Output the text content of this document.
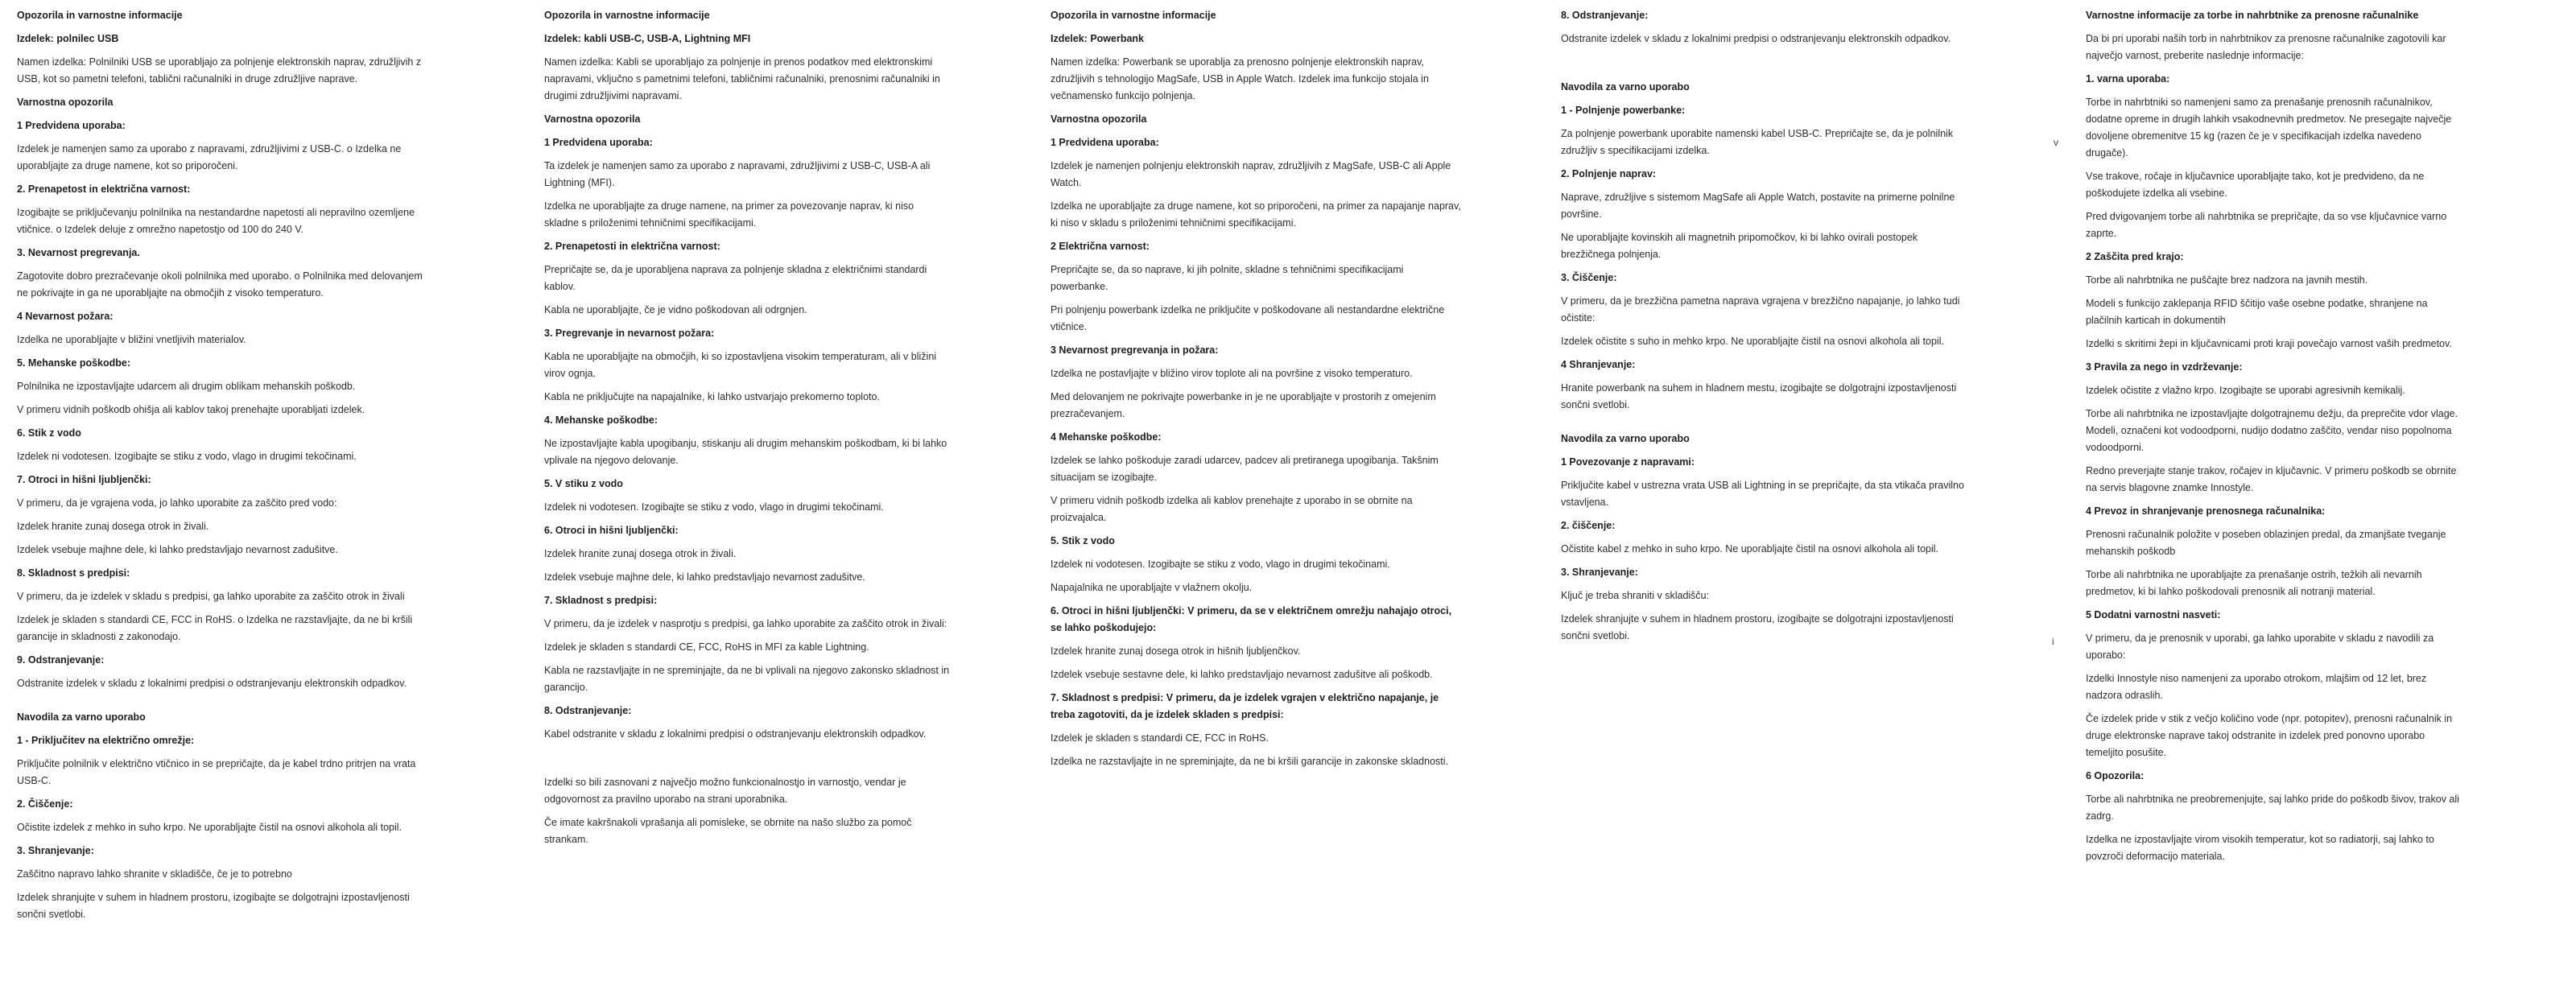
Opozorila in varnostne informacije
Izdelek: polnilec USB
Namen izdelka: Polnilniki USB se uporabljajo za polnjenje elektronskih naprav, združljivih z USB, kot so pametni telefoni, tablični računalniki in druge združljive naprave.
Varnostna opozorila
1 Predvidena uporaba:
Izdelek je namenjen samo za uporabo z napravami, združljivimi z USB-C. o Izdelka ne uporabljajte za druge namene, kot so priporočeni.
2. Prenapetost in električna varnost:
Izogibajte se priključevanju polnilnika na nestandardne napetosti ali nepravilno ozemljene vtičnice. o Izdelek deluje z omrežno napetostjo od 100 do 240 V.
3. Nevarnost pregrevanja.
Zagotovite dobro prezračevanje okoli polnilnika med uporabo. o Polnilnika med delovanjem ne pokrivajte in ga ne uporabljajte na območjih z visoko temperaturo.
4 Nevarnost požara:
Izdelka ne uporabljajte v bližini vnetljivih materialov.
5. Mehanske poškodbe:
Polnilnika ne izpostavljajte udarcem ali drugim oblikam mehanskih poškodb.
V primeru vidnih poškodb ohišja ali kablov takoj prenehajte uporabljati izdelek.
6. Stik z vodo
Izdelek ni vodotesen. Izogibajte se stiku z vodo, vlago in drugimi tekočinami.
7. Otroci in hišni ljubljenčki:
V primeru, da je vgrajena voda, jo lahko uporabite za zaščito pred vodo:
Izdelek hranite zunaj dosega otrok in živali.
Izdelek vsebuje majhne dele, ki lahko predstavljajo nevarnost zadušitve.
8. Skladnost s predpisi:
V primeru, da je izdelek v skladu s predpisi, ga lahko uporabite za zaščito otrok in živali
Izdelek je skladen s standardi CE, FCC in RoHS. o Izdelka ne razstavljajte, da ne bi kršili garancije in skladnosti z zakonodajo.
9. Odstranjevanje:
Odstranite izdelek v skladu z lokalnimi predpisi o odstranjevanju elektronskih odpadkov.
Navodila za varno uporabo
1 - Priključitev na električno omrežje:
Priključite polnilnik v električno vtičnico in se prepričajte, da je kabel trdno pritrjen na vrata USB-C.
2. Čiščenje:
Očistite izdelek z mehko in suho krpo. Ne uporabljajte čistil na osnovi alkohola ali topil.
3. Shranjevanje:
Zaščitno napravo lahko shranite v skladišče, če je to potrebno
Izdelek shranjujte v suhem in hladnem prostoru, izogibajte se dolgotrajni izpostavljenosti sončni svetlobi.
Opozorila in varnostne informacije
Izdelek: kabli USB-C, USB-A, Lightning MFI
Namen izdelka: Kabli se uporabljajo za polnjenje in prenos podatkov med elektronskimi napravami, vključno s pametnimi telefoni, tabličnimi računalniki, prenosnimi računalniki in drugimi združljivimi napravami.
Varnostna opozorila
1 Predvidena uporaba:
Ta izdelek je namenjen samo za uporabo z napravami, združljivimi z USB-C, USB-A ali Lightning (MFI).
Izdelka ne uporabljajte za druge namene, na primer za povezovanje naprav, ki niso skladne s priloženimi tehničnimi specifikacijami.
2. Prenapetosti in električna varnost:
Prepričajte se, da je uporabljena naprava za polnjenje skladna z električnimi standardi kablov.
Kabla ne uporabljajte, če je vidno poškodovan ali odrgnjen.
3. Pregrevanje in nevarnost požara:
Kabla ne uporabljajte na območjih, ki so izpostavljena visokim temperaturam, ali v bližini virov ognja.
Kabla ne priključujte na napajalnike, ki lahko ustvarjajo prekomerno toploto.
4. Mehanske poškodbe:
Ne izpostavljajte kabla upogibanju, stiskanju ali drugim mehanskim poškodbam, ki bi lahko vplivale na njegovo delovanje.
5. V stiku z vodo
Izdelek ni vodotesen. Izogibajte se stiku z vodo, vlago in drugimi tekočinami.
6. Otroci in hišni ljubljenčki:
Izdelek hranite zunaj dosega otrok in živali.
Izdelek vsebuje majhne dele, ki lahko predstavljajo nevarnost zadušitve.
7. Skladnost s predpisi:
V primeru, da je izdelek v nasprotju s predpisi, ga lahko uporabite za zaščito otrok in živali:
Izdelek je skladen s standardi CE, FCC, RoHS in MFI za kable Lightning.
Kabla ne razstavljajte in ne spreminjajte, da ne bi vplivali na njegovo zakonsko skladnost in garancijo.
8. Odstranjevanje:
Kabel odstranite v skladu z lokalnimi predpisi o odstranjevanju elektronskih odpadkov.
Izdelki so bili zasnovani z največjo možno funkcionalnostjo in varnostjo, vendar je odgovornost za pravilno uporabo na strani uporabnika.
Če imate kakršnakoli vprašanja ali pomisleke, se obrnite na našo službo za pomoč strankam.
Opozorila in varnostne informacije
Izdelek: Powerbank
Namen izdelka: Powerbank se uporablja za prenosno polnjenje elektronskih naprav, združljivih s tehnologijo MagSafe, USB in Apple Watch. Izdelek ima funkcijo stojala in večnamensko funkcijo polnjenja.
Varnostna opozorila
1 Predvidena uporaba:
Izdelek je namenjen polnjenju elektronskih naprav, združljivih z MagSafe, USB-C ali Apple Watch.
Izdelka ne uporabljajte za druge namene, kot so priporočeni, na primer za napajanje naprav, ki niso v skladu s priloženimi tehničnimi specifikacijami.
2 Električna varnost:
Prepričajte se, da so naprave, ki jih polnite, skladne s tehničnimi specifikacijami powerbanke.
Pri polnjenju powerbank izdelka ne priključite v poškodovane ali nestandardne električne vtičnice.
3 Nevarnost pregrevanja in požara:
Izdelka ne postavljajte v bližino virov toplote ali na površine z visoko temperaturo.
Med delovanjem ne pokrivajte powerbanke in je ne uporabljajte v prostorih z omejenim prezračevanjem.
4 Mehanske poškodbe:
Izdelek se lahko poškoduje zaradi udarcev, padcev ali pretiranega upogibanja. Takšnim situacijam se izogibajte.
V primeru vidnih poškodb izdelka ali kablov prenehajte z uporabo in se obrnite na proizvajalca.
5. Stik z vodo
Izdelek ni vodotesen. Izogibajte se stiku z vodo, vlago in drugimi tekočinami.
Napajalnika ne uporabljajte v vlažnem okolju.
6. Otroci in hišni ljubljenčki: V primeru, da se v električnem omrežju nahajajo otroci, se lahko poškodujejo:
Izdelek hranite zunaj dosega otrok in hišnih ljubljenčkov.
Izdelek vsebuje sestavne dele, ki lahko predstavljajo nevarnost zadušitve ali poškodb.
7. Skladnost s predpisi: V primeru, da je izdelek vgrajen v električno napajanje, je treba zagotoviti, da je izdelek skladen s predpisi:
Izdelek je skladen s standardi CE, FCC in RoHS.
Izdelka ne razstavljajte in ne spreminjajte, da ne bi kršili garancije in zakonske skladnosti.
8. Odstranjevanje:
Odstranite izdelek v skladu z lokalnimi predpisi o odstranjevanju elektronskih odpadkov.
Navodila za varno uporabo
1 - Polnjenje powerbanke:
Za polnjenje powerbank uporabite namenski kabel USB-C. Prepričajte se, da je polnilnik združljiv s specifikacijami izdelka.
2. Polnjenje naprav:
Naprave, združljive s sistemom MagSafe ali Apple Watch, postavite na primerne polnilne površine.
Ne uporabljajte kovinskih ali magnetnih pripomočkov, ki bi lahko ovirali postopek brezžičnega polnjenja.
3. Čiščenje:
V primeru, da je brezžična pametna naprava vgrajena v brezžično napajanje, jo lahko tudi očistite:
Izdelek očistite s suho in mehko krpo. Ne uporabljajte čistil na osnovi alkohola ali topil.
4 Shranjevanje:
Hranite powerbank na suhem in hladnem mestu, izogibajte se dolgotrajni izpostavljenosti sončni svetlobi.
Navodila za varno uporabo
1 Povezovanje z napravami:
Priključite kabel v ustrezna vrata USB ali Lightning in se prepričajte, da sta vtikača pravilno vstavljena.
2. čiščenje:
Očistite kabel z mehko in suho krpo. Ne uporabljajte čistil na osnovi alkohola ali topil.
3. Shranjevanje:
Ključ je treba shraniti v skladišču:
Izdelek shranjujte v suhem in hladnem prostoru, izogibajte se dolgotrajni izpostavljenosti sončni svetlobi.
Varnostne informacije za torbe in nahrbtnike za prenosne računalnike
Da bi pri uporabi naših torb in nahrbtnikov za prenosne računalnike zagotovili kar največjo varnost, preberite naslednje informacije:
1. varna uporaba:
Torbe in nahrbtniki so namenjeni samo za prenašanje prenosnih računalnikov, dodatne opreme in drugih lahkih vsakodnevnih predmetov. Ne presegajte največje dovoljene obremenitve 15 kg (razen če je v specifikacijah izdelka navedeno drugače).
Vse trakove, ročaje in ključavnice uporabljajte tako, kot je predvideno, da ne poškodujete izdelka ali vsebine.
Pred dvigovanjem torbe ali nahrbtnika se prepričajte, da so vse ključavnice varno zaprte.
2 Zaščita pred krajo:
Torbe ali nahrbtnika ne puščajte brez nadzora na javnih mestih.
Modeli s funkcijo zaklepanja RFID ščitijo vaše osebne podatke, shranjene na plačilnih karticah in dokumentih
Izdelki s skritimi žepi in ključavnicami proti kraji povečajo varnost vaših predmetov.
3 Pravila za nego in vzdrževanje:
Izdelek očistite z vlažno krpo. Izogibajte se uporabi agresivnih kemikalij.
Torbe ali nahrbtnika ne izpostavljajte dolgotrajnemu dežju, da preprečite vdor vlage. Modeli, označeni kot vodoodporni, nudijo dodatno zaščito, vendar niso popolnoma vodoodporni.
Redno preverjajte stanje trakov, ročajev in ključavnic. V primeru poškodb se obrnite na servis blagovne znamke Innostyle.
4 Prevoz in shranjevanje prenosnega računalnika:
Prenosni računalnik položite v poseben oblazinjen predal, da zmanjšate tveganje mehanskih poškodb
Torbe ali nahrbtnika ne uporabljajte za prenašanje ostrih, težkih ali nevarnih predmetov, ki bi lahko poškodovali prenosnik ali notranji material.
5 Dodatni varnostni nasveti:
V primeru, da je prenosnik v uporabi, ga lahko uporabite v skladu z navodili za uporabo:
Izdelki Innostyle niso namenjeni za uporabo otrokom, mlajšim od 12 let, brez nadzora odraslih.
Če izdelek pride v stik z večjo količino vode (npr. potopitev), prenosni računalnik in druge elektronske naprave takoj odstranite in izdelek pred ponovno uporabo temeljito posušite.
6 Opozorila:
Torbe ali nahrbtnika ne preobremenjujte, saj lahko pride do poškodb šivov, trakov ali zadrg.
Izdelka ne izpostavljajte virom visokih temperatur, kot so radiatorji, saj lahko to povzroči deformacijo materiala.
v
i
